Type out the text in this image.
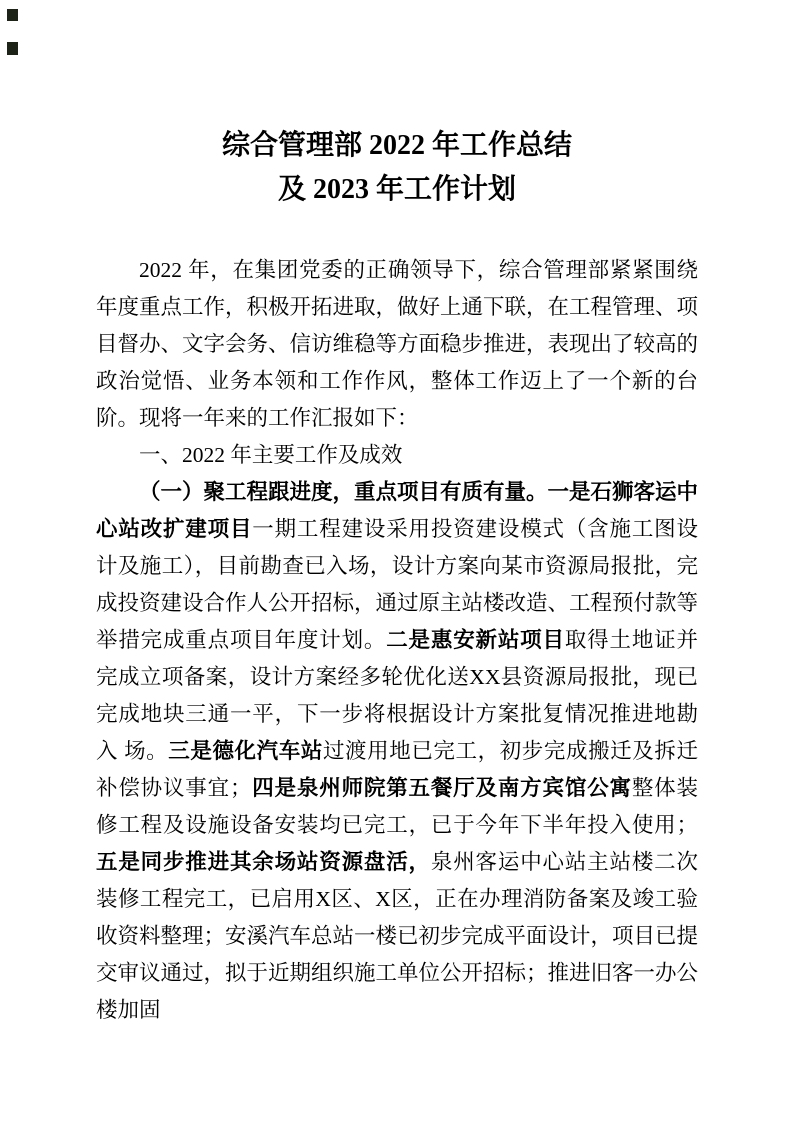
综合管理部 2022 年工作总结
及 2023 年工作计划

2022 年，在集团党委的正确领导下，综合管理部紧紧围绕年度重点工作，积极开拓进取，做好上通下联，在工程管理、项目督办、文字会务、信访维稳等方面稳步推进，表现出了较高的政治觉悟、业务本领和工作作风，整体工作迈上了一个新的台阶。现将一年来的工作汇报如下：

一、2022 年主要工作及成效

（一）聚工程跟进度，重点项目有质有量。一是石狮客运中心站改扩建项目一期工程建设采用投资建设模式（含施工图设计及施工），目前勘查已入场，设计方案向某市资源局报批，完成投资建设合作人公开招标，通过原主站楼改造、工程预付款等举措完成重点项目年度计划。二是惠安新站项目取得土地证并完成立项备案，设计方案经多轮优化送XX县资源局报批，现已完成地块三通一平，下一步将根据设计方案批复情况推进地勘入 场。三是德化汽车站过渡用地已完工，初步完成搬迁及拆迁补偿协议事宜；四是泉州师院第五餐厅及南方宾馆公寓整体装修工程及设施设备安装均已完工，已于今年下半年投入使用；五是同步推进其余场站资源盘活，泉州客运中心站主站楼二次装修工程完工，已启用X区、X区，正在办理消防备案及竣工验收资料整理；安溪汽车总站一楼已初步完成平面设计，项目已提交审议通过，拟于近期组织施工单位公开招标；推进旧客一办公楼加固
